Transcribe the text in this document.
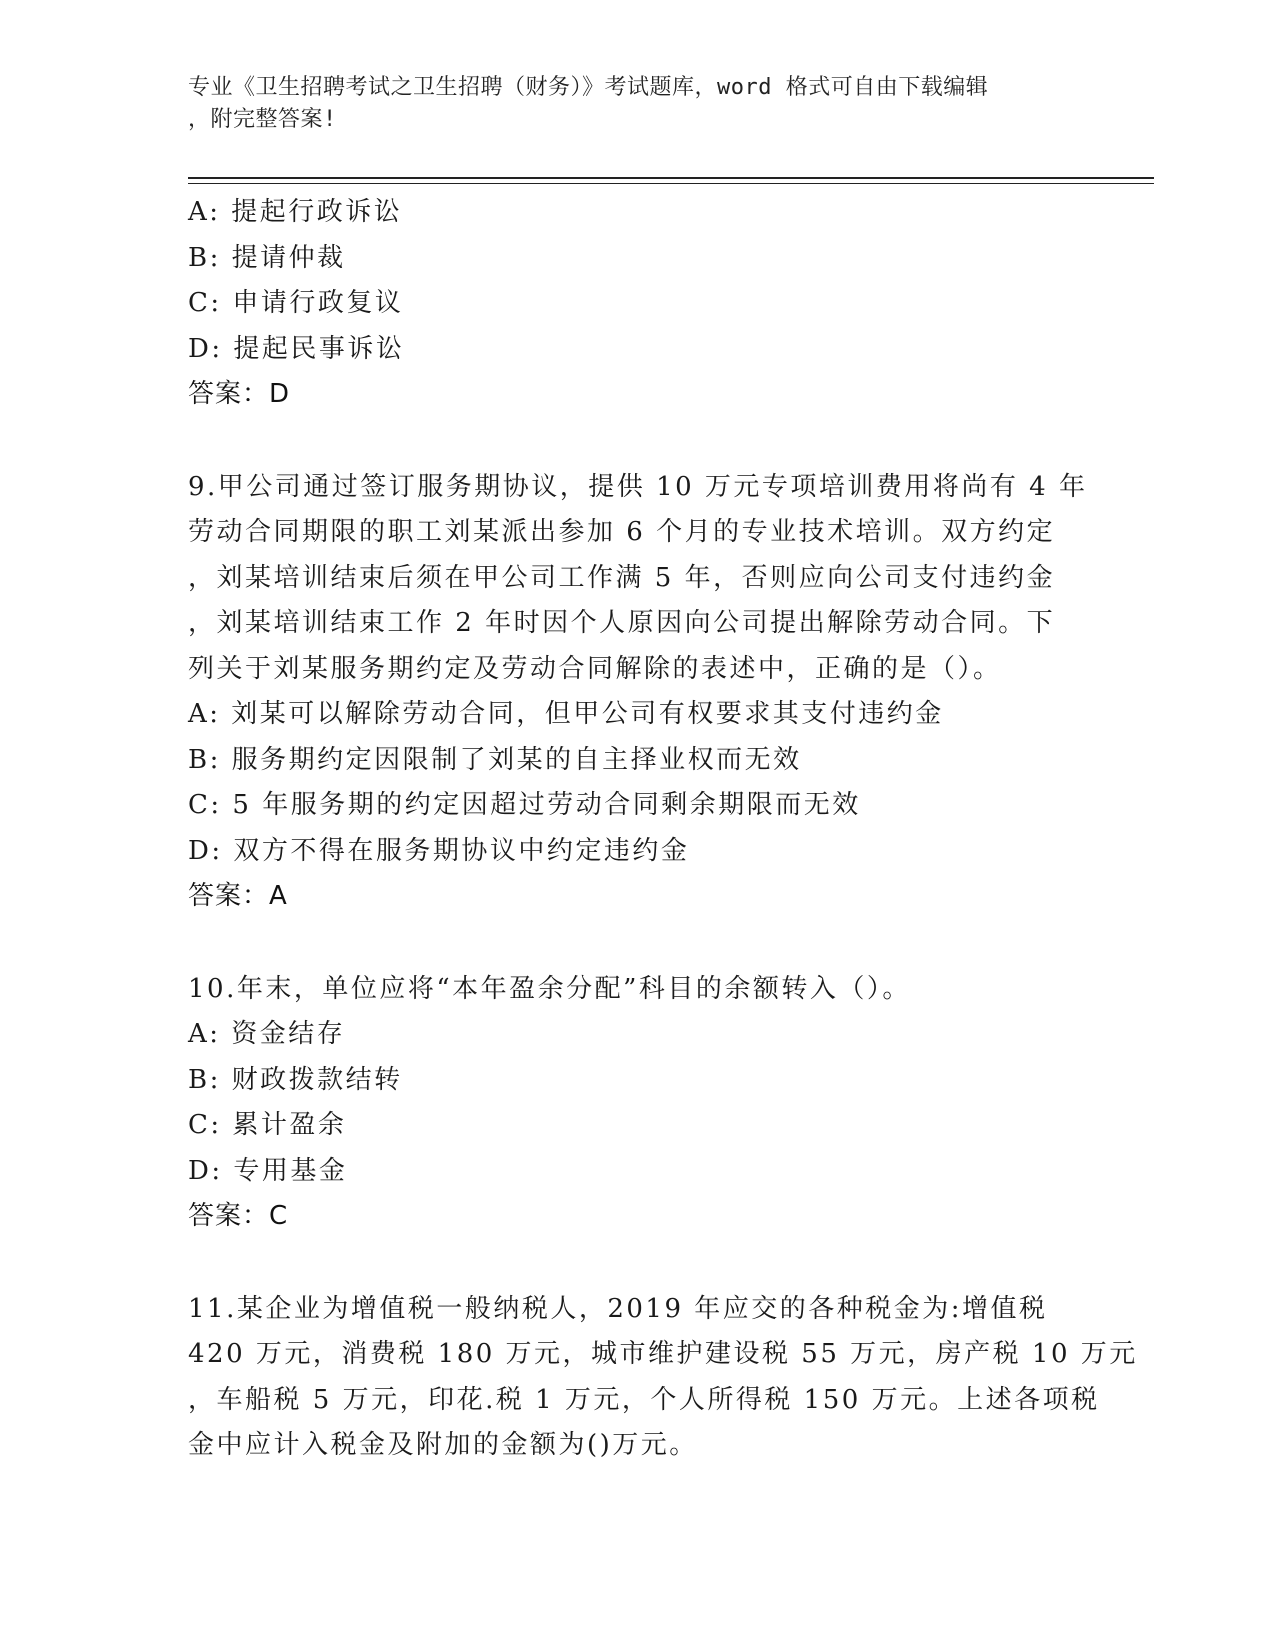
专业《卫生招聘考试之卫生招聘（财务）》考试题库，word 格式可自由下载编辑
，附完整答案!
A: 提起行政诉讼
B: 提请仲裁
C: 申请行政复议
D: 提起民事诉讼
答案：D
9.甲公司通过签订服务期协议，提供 10 万元专项培训费用将尚有 4 年
劳动合同期限的职工刘某派出参加 6 个月的专业技术培训。双方约定
，刘某培训结束后须在甲公司工作满 5 年，否则应向公司支付违约金
，刘某培训结束工作 2 年时因个人原因向公司提出解除劳动合同。下
列关于刘某服务期约定及劳动合同解除的表述中，正确的是（）。
A: 刘某可以解除劳动合同，但甲公司有权要求其支付违约金
B: 服务期约定因限制了刘某的自主择业权而无效
C: 5 年服务期的约定因超过劳动合同剩余期限而无效
D: 双方不得在服务期协议中约定违约金
答案：A
10.年末，单位应将“本年盈余分配”科目的余额转入（）。
A: 资金结存
B: 财政拨款结转
C: 累计盈余
D: 专用基金
答案：C
11.某企业为增值税一般纳税人，2019 年应交的各种税金为:增值税
420 万元，消费税 180 万元，城市维护建设税 55 万元，房产税 10 万元
，车船税 5 万元，印花.税 1 万元，个人所得税 150 万元。上述各项税
金中应计入税金及附加的金额为()万元。
